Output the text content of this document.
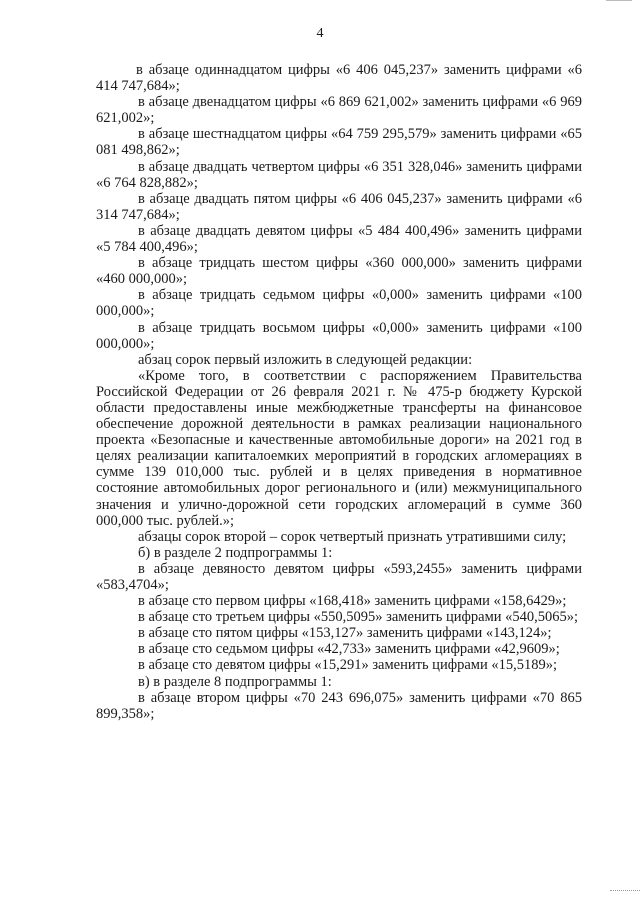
4

в абзаце одиннадцатом цифры «6 406 045,237» заменить цифрами «6 414 747,684»;

в абзаце двенадцатом цифры «6 869 621,002» заменить цифрами «6 969 621,002»;

в абзаце шестнадцатом цифры «64 759 295,579» заменить цифрами «65 081 498,862»;

в абзаце двадцать четвертом цифры «6 351 328,046» заменить цифрами «6 764 828,882»;

в абзаце двадцать пятом цифры «6 406 045,237» заменить цифрами «6 314 747,684»;

в абзаце двадцать девятом цифры «5 484 400,496» заменить цифрами «5 784 400,496»;

в абзаце тридцать шестом цифры «360 000,000» заменить цифрами «460 000,000»;

в абзаце тридцать седьмом цифры «0,000» заменить цифрами «100 000,000»;

в абзаце тридцать восьмом цифры «0,000» заменить цифрами «100 000,000»;

абзац сорок первый изложить в следующей редакции:

«Кроме того, в соответствии с распоряжением Правительства Российской Федерации от 26 февраля 2021 г. № 475-р бюджету Курской области предоставлены иные межбюджетные трансферты на финансовое обеспечение дорожной деятельности в рамках реализации национального проекта «Безопасные и качественные автомобильные дороги» на 2021 год в целях реализации капиталоемких мероприятий в городских агломерациях в сумме 139 010,000 тыс. рублей и в целях приведения в нормативное состояние автомобильных дорог регионального и (или) межмуниципального значения и улично-дорожной сети городских агломераций в сумме 360 000,000 тыс. рублей.»;

абзацы сорок второй – сорок четвертый признать утратившими силу;

б) в разделе 2 подпрограммы 1:

в абзаце девяносто девятом цифры «593,2455» заменить цифрами «583,4704»;

в абзаце сто первом цифры «168,418» заменить цифрами «158,6429»;

в абзаце сто третьем цифры «550,5095» заменить цифрами «540,5065»;

в абзаце сто пятом цифры «153,127» заменить цифрами «143,124»;

в абзаце сто седьмом цифры «42,733» заменить цифрами «42,9609»;

в абзаце сто девятом цифры «15,291» заменить цифрами «15,5189»;

в) в разделе 8 подпрограммы 1:

в абзаце втором цифры «70 243 696,075» заменить цифрами «70 865 899,358»;
